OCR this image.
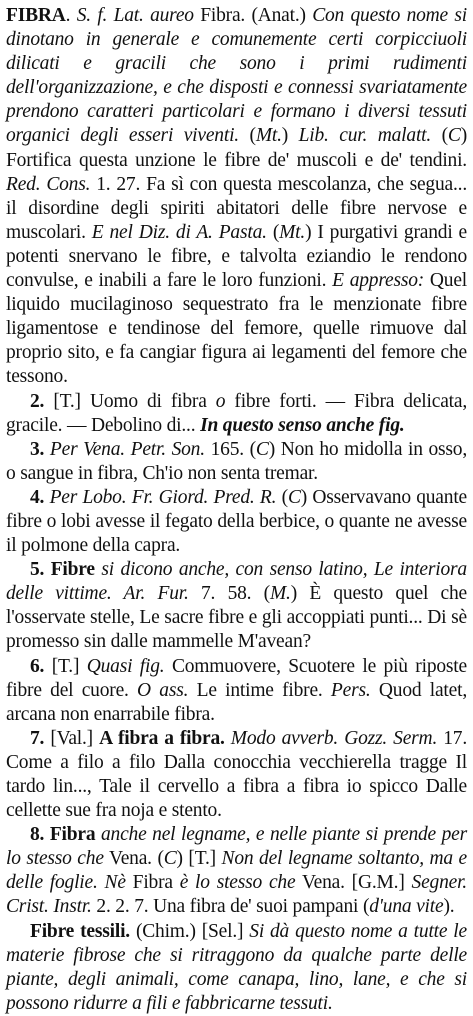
FIBRA. S. f. Lat. aureo Fibra. (Anat.) Con questo nome si dinotano in generale e comunemente certi corpicciuoli dilicati e gracili che sono i primi rudimenti dell'organizzazione, e che disposti e connessi svariatamente prendono caratteri particolari e formano i diversi tessuti organici degli esseri viventi. (Mt.) Lib. cur. malatt. (C) Fortifica questa unzione le fibre de' muscoli e de' tendini. Red. Cons. 1. 27. Fa sì con questa mescolanza, che segua... il disordine degli spiriti abitatori delle fibre nervose e muscolari. E nel Diz. di A. Pasta. (Mt.) I purgativi grandi e potenti snervano le fibre, e talvolta eziandio le rendono convulse, e inabili a fare le loro funzioni. E appresso: Quel liquido mucilaginoso sequestrato fra le menzionate fibre ligamentose e tendinose del femore, quelle rimuove dal proprio sito, e fa cangiar figura ai legamenti del femore che tessono.

2. [T.] Uomo di fibra o fibre forti. — Fibra delicata, gracile. — Debolino di... In questo senso anche fig.

3. Per Vena. Petr. Son. 165. (C) Non ho midolla in osso, o sangue in fibra, Ch'io non senta tremar.

4. Per Lobo. Fr. Giord. Pred. R. (C) Osservavano quante fibre o lobi avesse il fegato della berbice, o quante ne avesse il polmone della capra.

5. Fibre si dicono anche, con senso latino, Le interiora delle vittime. Ar. Fur. 7. 58. (M.) È questo quel che l'osservate stelle, Le sacre fibre e gli accoppiati punti... Di sè promesso sin dalle mammelle M'avean?

6. [T.] Quasi fig. Commuovere, Scuotere le più riposte fibre del cuore. O ass. Le intime fibre. Pers. Quod latet, arcana non enarrabile fibra.

7. [Val.] A fibra a fibra. Modo avverb. Gozz. Serm. 17. Come a filo a filo Dalla conocchia vecchierella tragge Il tardo lin..., Tale il cervello a fibra a fibra io spicco Dalle cellette sue fra noja e stento.

8. Fibra anche nel legname, e nelle piante si prende per lo stesso che Vena. (C) [T.] Non del legname soltanto, ma e delle foglie. Nè Fibra è lo stesso che Vena. [G.M.] Segner. Crist. Instr. 2. 2. 7. Una fibra de' suoi pampani (d'una vite).

Fibre tessili. (Chim.) [Sel.] Si dà questo nome a tutte le materie fibrose che si ritraggono da qualche parte delle piante, degli animali, come canapa, lino, lane, e che si possono ridurre a fili e fabbricarne tessuti.
